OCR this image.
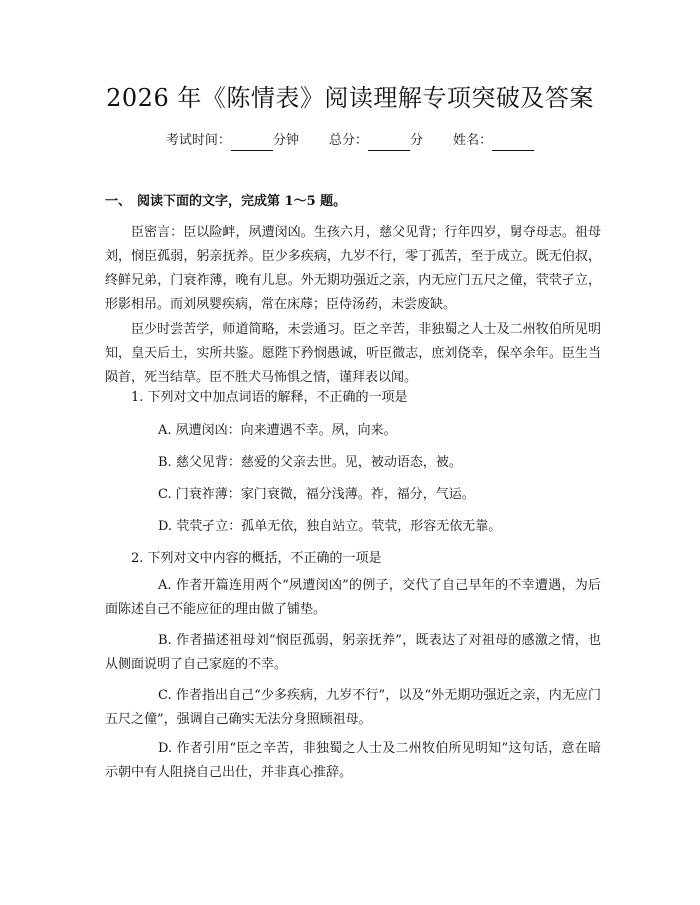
2026 年《陈情表》阅读理解专项突破及答案
考试时间：	分钟 总分：	分 姓名：
一、 阅读下面的文字，完成第 1～5 题。

臣密言：臣以险衅，夙遭闵凶。生孩六月，慈父见背；行年四岁，舅夺母志。祖母刘，悯臣孤弱，躬亲抚养。臣少多疾病，九岁不行，零丁孤苦，至于成立。既无伯叔，终鲜兄弟，门衰祚薄，晚有儿息。外无期功强近之亲，内无应门五尺之僮，茕茕孑立，形影相吊。而刘夙婴疾病，常在床蓐；臣侍汤药，未尝废缺。

臣少时尝苦学，师道简略，未尝通习。臣之辛苦，非独蜀之人士及二州牧伯所见明知，皇天后土，实所共鉴。愿陛下矜悯愚诚，听臣微志，庶刘侥幸，保卒余年。臣生当陨首，死当结草。臣不胜犬马怖惧之情，谨拜表以闻。

1. 下列对文中加点词语的解释，不正确的一项是

A. 夙遭闵凶：向来遭遇不幸。夙，向来。

B. 慈父见背：慈爱的父亲去世。见，被动语态，被。

C. 门衰祚薄：家门衰微，福分浅薄。祚，福分，气运。

D. 茕茕孑立：孤单无依，独自站立。茕茕，形容无依无靠。

2. 下列对文中内容的概括，不正确的一项是

A. 作者开篇连用两个“夙遭闵凶”的例子，交代了自己早年的不幸遭遇，为后面陈述自己不能应征的理由做了铺垫。

B. 作者描述祖母刘“悯臣孤弱，躬亲抚养”，既表达了对祖母的感激之情，也从侧面说明了自己家庭的不幸。

C. 作者指出自己“少多疾病，九岁不行”，以及“外无期功强近之亲，内无应门五尺之僮”，强调自己确实无法分身照顾祖母。

D. 作者引用“臣之辛苦，非独蜀之人士及二州牧伯所见明知”这句话，意在暗示朝中有人阻挠自己出仕，并非真心推辞。
